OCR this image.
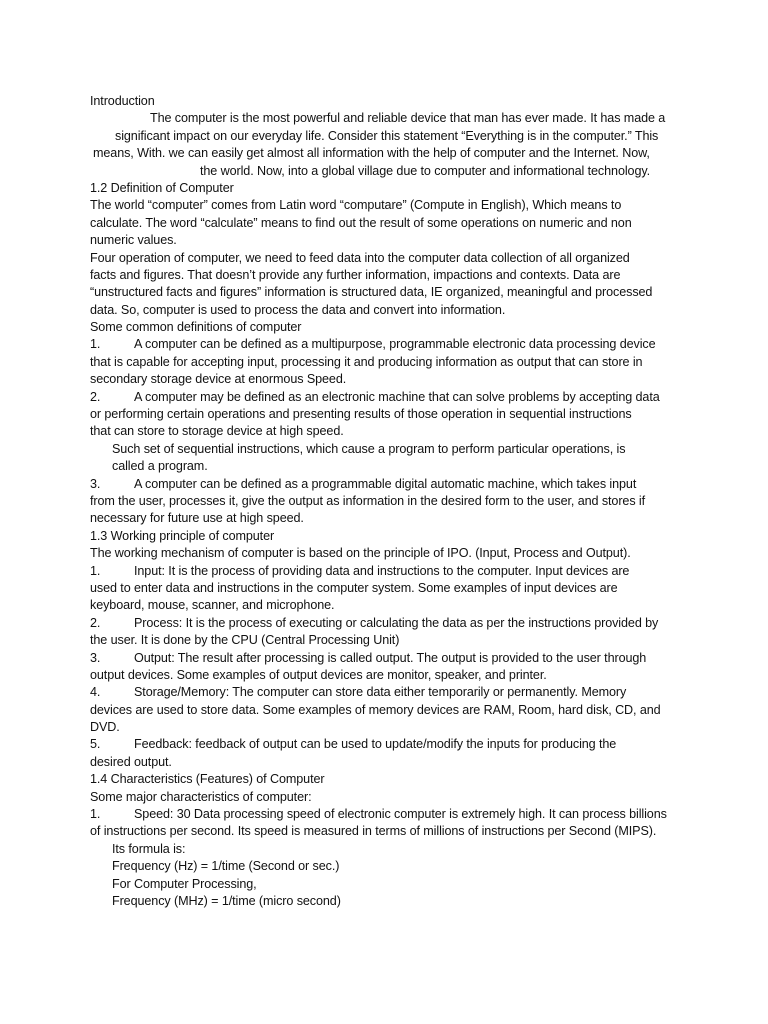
Introduction
The computer is the most powerful and reliable device that man has ever made. It has made a
significant impact on our everyday life. Consider this statement “Everything is in the computer.” This
means, With. we can easily get almost all information with the help of computer and the Internet. Now,
the world. Now, into a global village due to computer and informational technology.
1.2 Definition of Computer
The world “computer” comes from Latin word “computare” (Compute in English), Which means to
calculate. The word “calculate” means to find out the result of some operations on numeric and non
numeric values.
Four operation of computer, we need to feed data into the computer data collection of all organized
facts and figures. That doesn’t provide any further information, impactions and contexts. Data are
“unstructured facts and figures” information is structured data, IE organized, meaningful and processed
data. So, computer is used to process the data and convert into information.
Some common definitions of computer
1.	A computer can be defined as a multipurpose, programmable electronic data processing device
that is capable for accepting input, processing it and producing information as output that can store in
secondary storage device at enormous Speed.
2.	A computer may be defined as an electronic machine that can solve problems by accepting data
or performing certain operations and presenting results of those operation in sequential instructions
that can store to storage device at high speed.
Such set of sequential instructions, which cause a program to perform particular operations, is
called a program.
3.	A computer can be defined as a programmable digital automatic machine, which takes input
from the user, processes it, give the output as information in the desired form to the user, and stores if
necessary for future use at high speed.
1.3 Working principle of computer
The working mechanism of computer is based on the principle of IPO. (Input, Process and Output).
1.	Input: It is the process of providing data and instructions to the computer. Input devices are
used to enter data and instructions in the computer system. Some examples of input devices are
keyboard, mouse, scanner, and microphone.
2.	Process: It is the process of executing or calculating the data as per the instructions provided by
the user. It is done by the CPU (Central Processing Unit)
3.	Output: The result after processing is called output. The output is provided to the user through
output devices. Some examples of output devices are monitor, speaker, and printer.
4.	Storage/Memory: The computer can store data either temporarily or permanently. Memory
devices are used to store data. Some examples of memory devices are RAM, Room, hard disk, CD, and
DVD.
5.	Feedback: feedback of output can be used to update/modify the inputs for producing the
desired output.
1.4 Characteristics (Features) of Computer
Some major characteristics of computer:
1.	Speed: 30 Data processing speed of electronic computer is extremely high. It can process billions
of instructions per second. Its speed is measured in terms of millions of instructions per Second (MIPS).
Its formula is:
Frequency (Hz) = 1/time (Second or sec.)
For Computer Processing,
Frequency (MHz) = 1/time (micro second)
